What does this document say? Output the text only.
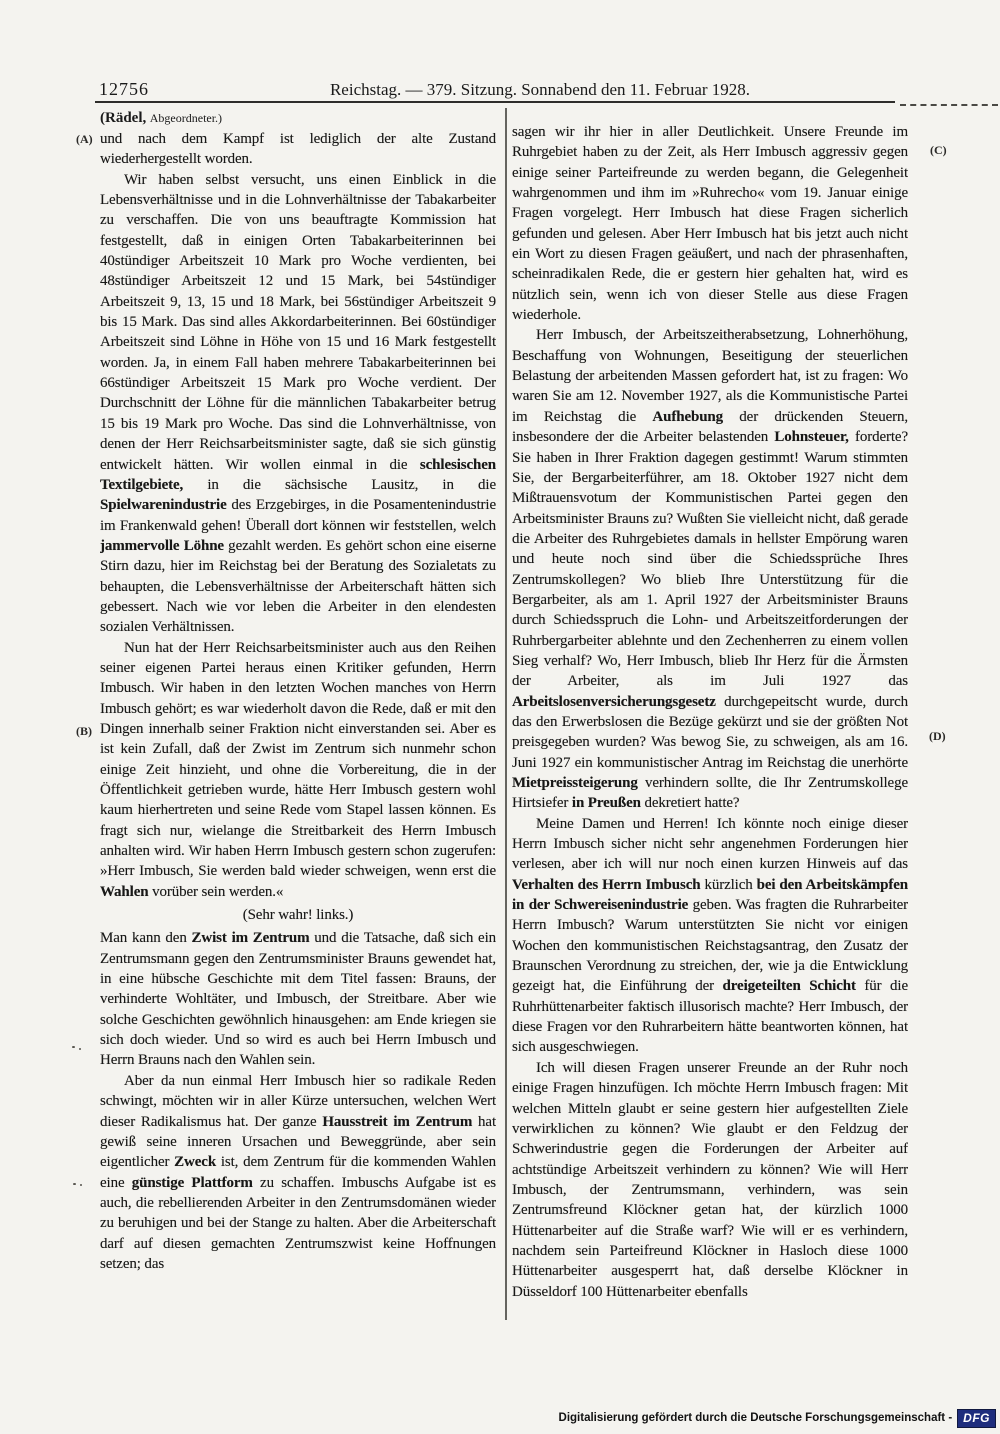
12756	Reichstag. — 379. Sitzung. Sonnabend den 11. Februar 1928.
(Rädel, Abgeordneter.)
(A)
(B)
(C)
(D)

und nach dem Kampf ist lediglich der alte Zustand wiederhergestellt worden.

Wir haben selbst versucht, uns einen Einblick in die Lebensverhältnisse und in die Lohnverhältnisse der Tabakarbeiter zu verschaffen. Die von uns beauftragte Kommission hat festgestellt, daß in einigen Orten Tabakarbeiterinnen bei 40stündiger Arbeitszeit 10 Mark pro Woche verdienten, bei 48stündiger Arbeitszeit 12 und 15 Mark, bei 54stündiger Arbeitszeit 9, 13, 15 und 18 Mark, bei 56stündiger Arbeitszeit 9 bis 15 Mark. Das sind alles Akkordarbeiterinnen. Bei 60stündiger Arbeitszeit sind Löhne in Höhe von 15 und 16 Mark festgestellt worden. Ja, in einem Fall haben mehrere Tabakarbeiterinnen bei 66stündiger Arbeitszeit 15 Mark pro Woche verdient. Der Durchschnitt der Löhne für die männlichen Tabakarbeiter betrug 15 bis 19 Mark pro Woche. Das sind die Lohnverhältnisse, von denen der Herr Reichsarbeitsminister sagte, daß sie sich günstig entwickelt hätten. Wir wollen einmal in die schlesischen Textilgebiete, in die sächsische Lausitz, in die Spielwarenindustrie des Erzgebirges, in die Posamentenindustrie im Frankenwald gehen! Überall dort können wir feststellen, welch jammervolle Löhne gezahlt werden. Es gehört schon eine eiserne Stirn dazu, hier im Reichstag bei der Beratung des Sozialetats zu behaupten, die Lebensverhältnisse der Arbeiterschaft hätten sich gebessert. Nach wie vor leben die Arbeiter in den elendesten sozialen Verhältnissen.

Nun hat der Herr Reichsarbeitsminister auch aus den Reihen seiner eigenen Partei heraus einen Kritiker gefunden, Herrn Imbusch. Wir haben in den letzten Wochen manches von Herrn Imbusch gehört; es war wiederholt davon die Rede, daß er mit den Dingen innerhalb seiner Fraktion nicht einverstanden sei. Aber es ist kein Zufall, daß der Zwist im Zentrum sich nunmehr schon einige Zeit hinzieht, und ohne die Vorbereitung, die in der Öffentlichkeit getrieben wurde, hätte Herr Imbusch gestern wohl kaum hierhertreten und seine Rede vom Stapel lassen können. Es fragt sich nur, wielange die Streitbarkeit des Herrn Imbusch anhalten wird. Wir haben Herrn Imbusch gestern schon zugerufen: »Herr Imbusch, Sie werden bald wieder schweigen, wenn erst die Wahlen vorüber sein werden.«

(Sehr wahr! links.)

Man kann den Zwist im Zentrum und die Tatsache, daß sich ein Zentrumsmann gegen den Zentrumsminister Brauns gewendet hat, in eine hübsche Geschichte mit dem Titel fassen: Brauns, der verhinderte Wohltäter, und Imbusch, der Streitbare. Aber wie solche Geschichten gewöhnlich hinausgehen: am Ende kriegen sie sich doch wieder. Und so wird es auch bei Herrn Imbusch und Herrn Brauns nach den Wahlen sein.

Aber da nun einmal Herr Imbusch hier so radikale Reden schwingt, möchten wir in aller Kürze untersuchen, welchen Wert dieser Radikalismus hat. Der ganze Hausstreit im Zentrum hat gewiß seine inneren Ursachen und Beweggründe, aber sein eigentlicher Zweck ist, dem Zentrum für die kommenden Wahlen eine günstige Plattform zu schaffen. Imbuschs Aufgabe ist es auch, die rebellierenden Arbeiter in den Zentrumsdomänen wieder zu beruhigen und bei der Stange zu halten. Aber die Arbeiterschaft darf auf diesen gemachten Zentrumszwist keine Hoffnungen setzen; das

sagen wir ihr hier in aller Deutlichkeit. Unsere Freunde im Ruhrgebiet haben zu der Zeit, als Herr Imbusch aggressiv gegen einige seiner Parteifreunde zu werden begann, die Gelegenheit wahrgenommen und ihm im »Ruhrecho« vom 19. Januar einige Fragen vorgelegt. Herr Imbusch hat diese Fragen sicherlich gefunden und gelesen. Aber Herr Imbusch hat bis jetzt auch nicht ein Wort zu diesen Fragen geäußert, und nach der phrasenhaften, scheinradikalen Rede, die er gestern hier gehalten hat, wird es nützlich sein, wenn ich von dieser Stelle aus diese Fragen wiederhole.

Herr Imbusch, der Arbeitszeitherabsetzung, Lohnerhöhung, Beschaffung von Wohnungen, Beseitigung der steuerlichen Belastung der arbeitenden Massen gefordert hat, ist zu fragen: Wo waren Sie am 12. November 1927, als die Kommunistische Partei im Reichstag die Aufhebung der drückenden Steuern, insbesondere der die Arbeiter belastenden Lohnsteuer, forderte? Sie haben in Ihrer Fraktion dagegen gestimmt! Warum stimmten Sie, der Bergarbeiterführer, am 18. Oktober 1927 nicht dem Mißtrauensvotum der Kommunistischen Partei gegen den Arbeitsminister Brauns zu? Wußten Sie vielleicht nicht, daß gerade die Arbeiter des Ruhrgebietes damals in hellster Empörung waren und heute noch sind über die Schiedssprüche Ihres Zentrumskollegen? Wo blieb Ihre Unterstützung für die Bergarbeiter, als am 1. April 1927 der Arbeitsminister Brauns durch Schiedsspruch die Lohn- und Arbeitszeitforderungen der Ruhrbergarbeiter ablehnte und den Zechenherren zu einem vollen Sieg verhalf? Wo, Herr Imbusch, blieb Ihr Herz für die Ärmsten der Arbeiter, als im Juli 1927 das Arbeitslosenversicherungsgesetz durchgepeitscht wurde, durch das den Erwerbslosen die Bezüge gekürzt und sie der größten Not preisgegeben wurden? Was bewog Sie, zu schweigen, als am 16. Juni 1927 ein kommunistischer Antrag im Reichstag die unerhörte Mietpreissteigerung verhindern sollte, die Ihr Zentrumskollege Hirtsiefer in Preußen dekretiert hatte?

Meine Damen und Herren! Ich könnte noch einige dieser Herrn Imbusch sicher nicht sehr angenehmen Forderungen hier verlesen, aber ich will nur noch einen kurzen Hinweis auf das Verhalten des Herrn Imbusch kürzlich bei den Arbeitskämpfen in der Schwereisenindustrie geben. Was fragten die Ruhrarbeiter Herrn Imbusch? Warum unterstützten Sie nicht vor einigen Wochen den kommunistischen Reichstagsantrag, den Zusatz der Braunschen Verordnung zu streichen, der, wie ja die Entwicklung gezeigt hat, die Einführung der dreigeteilten Schicht für die Ruhrhüttenarbeiter faktisch illusorisch machte? Herr Imbusch, der diese Fragen vor den Ruhrarbeitern hätte beantworten können, hat sich ausgeschwiegen.

Ich will diesen Fragen unserer Freunde an der Ruhr noch einige Fragen hinzufügen. Ich möchte Herrn Imbusch fragen: Mit welchen Mitteln glaubt er seine gestern hier aufgestellten Ziele verwirklichen zu können? Wie glaubt er den Feldzug der Schwerindustrie gegen die Forderungen der Arbeiter auf achtstündige Arbeitszeit verhindern zu können? Wie will Herr Imbusch, der Zentrumsmann, verhindern, was sein Zentrumsfreund Klöckner getan hat, der kürzlich 1000 Hüttenarbeiter auf die Straße warf? Wie will er es verhindern, nachdem sein Parteifreund Klöckner in Hasloch diese 1000 Hüttenarbeiter ausgesperrt hat, daß derselbe Klöckner in Düsseldorf 100 Hüttenarbeiter ebenfalls

Digitalisierung gefördert durch die Deutsche Forschungsgemeinschaft - DFG
